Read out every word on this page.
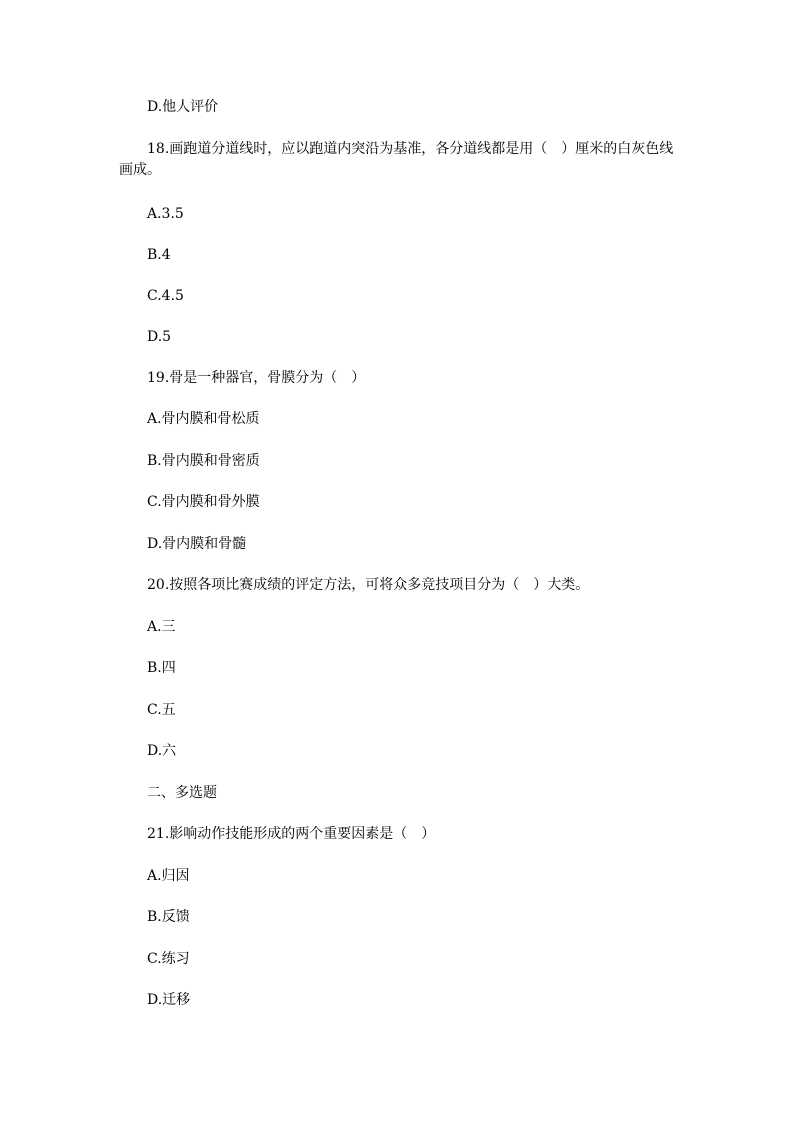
D.他人评价
18.画跑道分道线时，应以跑道内突沿为基准，各分道线都是用（　）厘米的白灰色线画成。
A.3.5
B.4
C.4.5
D.5
19.骨是一种器官，骨膜分为（　）
A.骨内膜和骨松质
B.骨内膜和骨密质
C.骨内膜和骨外膜
D.骨内膜和骨髓
20.按照各项比赛成绩的评定方法，可将众多竞技项目分为（　）大类。
A.三
B.四
C.五
D.六
二、多选题
21.影响动作技能形成的两个重要因素是（　）
A.归因
B.反馈
C.练习
D.迁移
